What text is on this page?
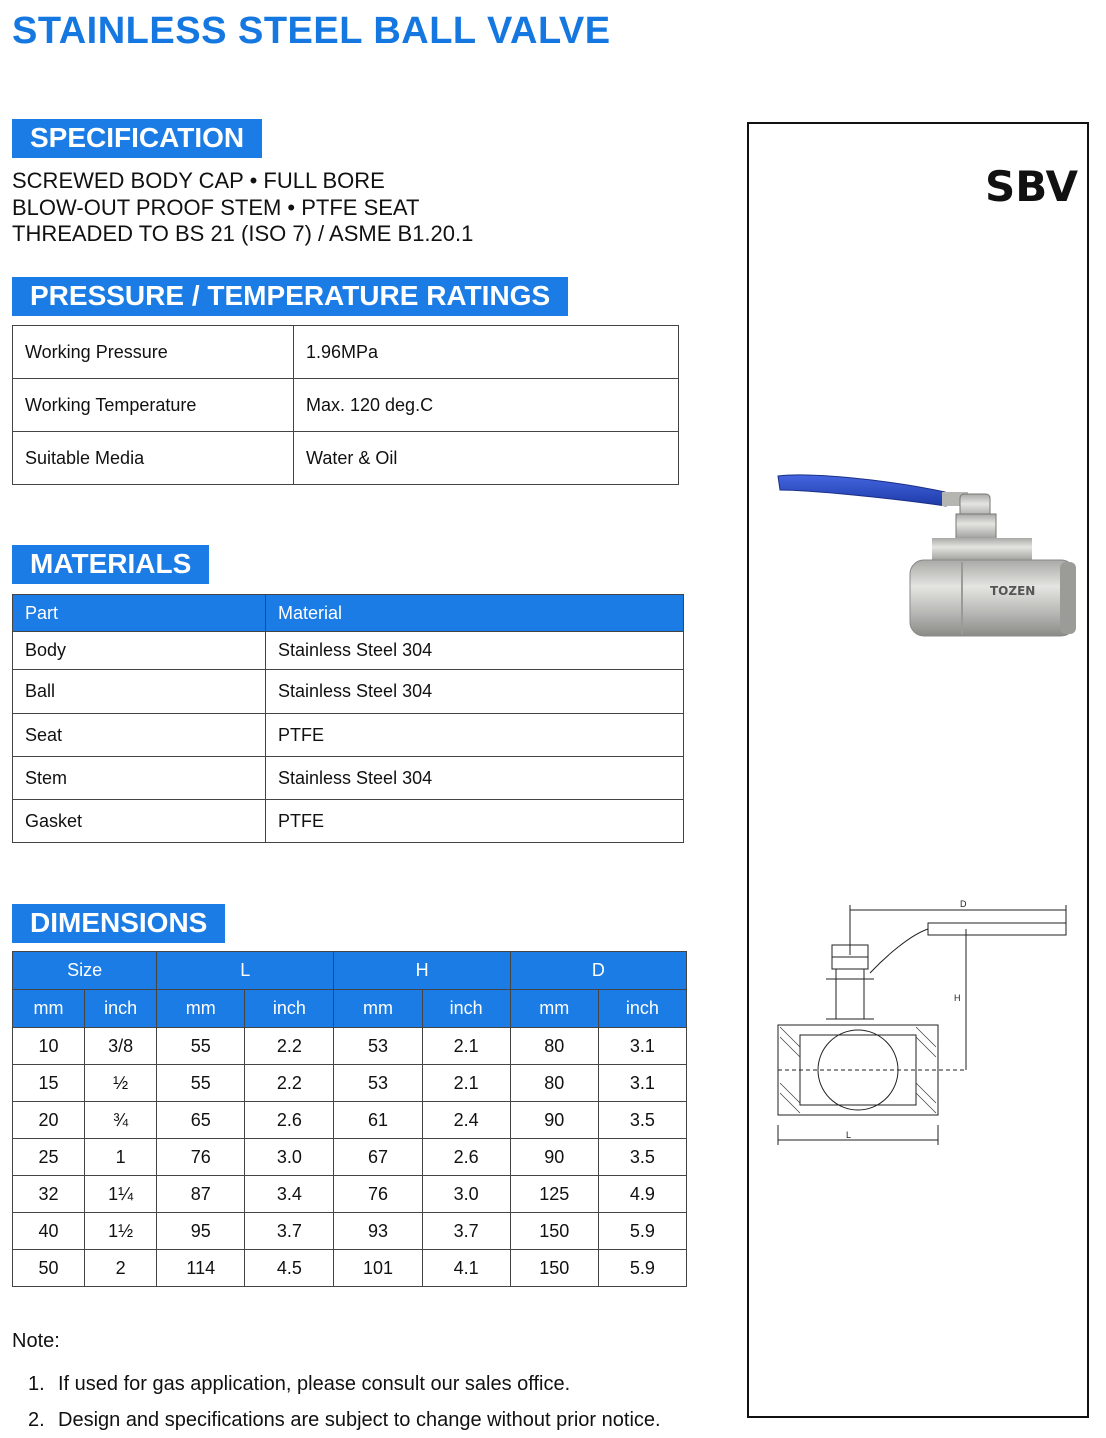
STAINLESS STEEL BALL VALVE
SPECIFICATION
SCREWED BODY CAP • FULL BORE
BLOW-OUT PROOF STEM • PTFE SEAT
THREADED TO BS 21 (ISO 7) / ASME B1.20.1
PRESSURE / TEMPERATURE RATINGS
Working Pressure	1.96MPa
Working Temperature	Max. 120 deg.C
Suitable Media	Water & Oil
MATERIALS
Part	Material
Body	Stainless Steel 304
Ball	Stainless Steel 304
Seat	PTFE
Stem	Stainless Steel 304
Gasket	PTFE
DIMENSIONS
Size		L		H		D	
mm	inch	mm	inch	mm	inch	mm	inch
10	3/8	55	2.2	53	2.1	80	3.1
15	½	55	2.2	53	2.1	80	3.1
20	¾	65	2.6	61	2.4	90	3.5
25	1	76	3.0	67	2.6	90	3.5
32	1¼	87	3.4	76	3.0	125	4.9
40	1½	95	3.7	93	3.7	150	5.9
50	2	114	4.5	101	4.1	150	5.9
Note:
1. If used for gas application, please consult our sales office.
2. Design and specifications are subject to change without prior notice.
SBV
TOZEN
D
H
L
